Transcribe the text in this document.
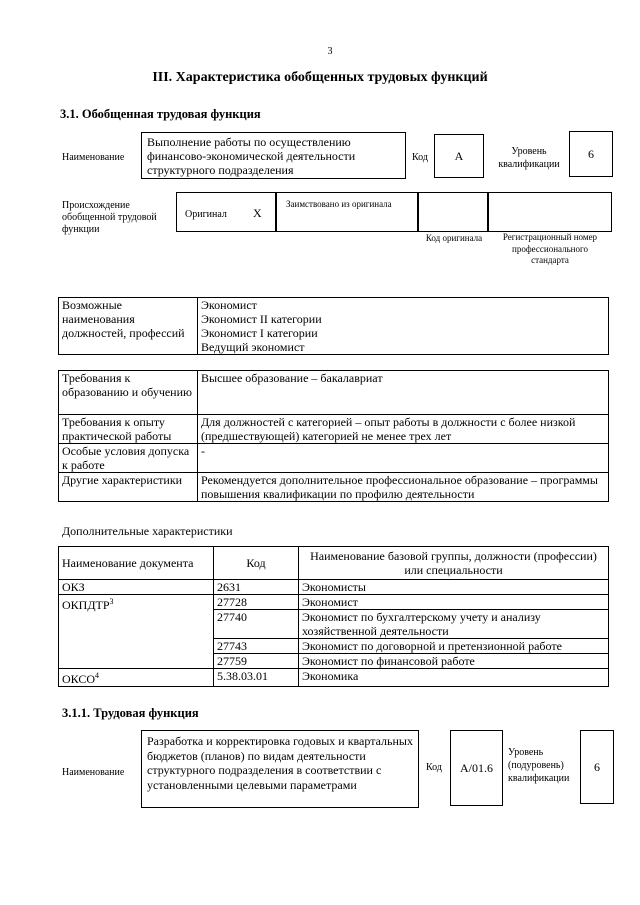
3
III. Характеристика обобщенных трудовых функций
3.1. Обобщенная трудовая функция
Наименование
Выполнение работы по осуществлению финансово-экономической деятельности структурного подразделения
Код	А	Уровень квалификации
6
Происхождение обобщенной трудовой функции
Оригинал Х
Заимствовано из оригинала
Код оригинала	Регистрационный номер профессионального стандарта
Возможные наименования должностей, профессий	
Экономист
Экономист II категории
Экономист I категории
Ведущий экономист
Требования к образованию и обучению	Высшее образование – бакалавриат
Требования к опыту практической работы	Для должностей с категорией – опыт работы в должности с более низкой (предшествующей) категорией не менее трех лет
Особые условия допуска к работе	-
Другие характеристики	Рекомендуется дополнительное профессиональное образование – программы повышения квалификации по профилю деятельности
Дополнительные характеристики
Наименование документа	Код	Наименование базовой группы, должности (профессии) или специальности
ОКЗ	2631	Экономисты
ОКПДТР$^3$	27728	Экономист
	27740	Экономист по бухгалтерскому учету и анализу хозяйственной деятельности
	27743	Экономист по договорной и претензионной работе
	27759	Экономист по финансовой работе
ОКСО$^4$	5.38.03.01	Экономика
3.1.1. Трудовая функция
Наименование
Разработка и корректировка годовых и квартальных бюджетов (планов) по видам деятельности структурного подразделения в соответствии с установленными целевыми параметрами
Код	А/01.6
Уровень (подуровень) квалификации
6
